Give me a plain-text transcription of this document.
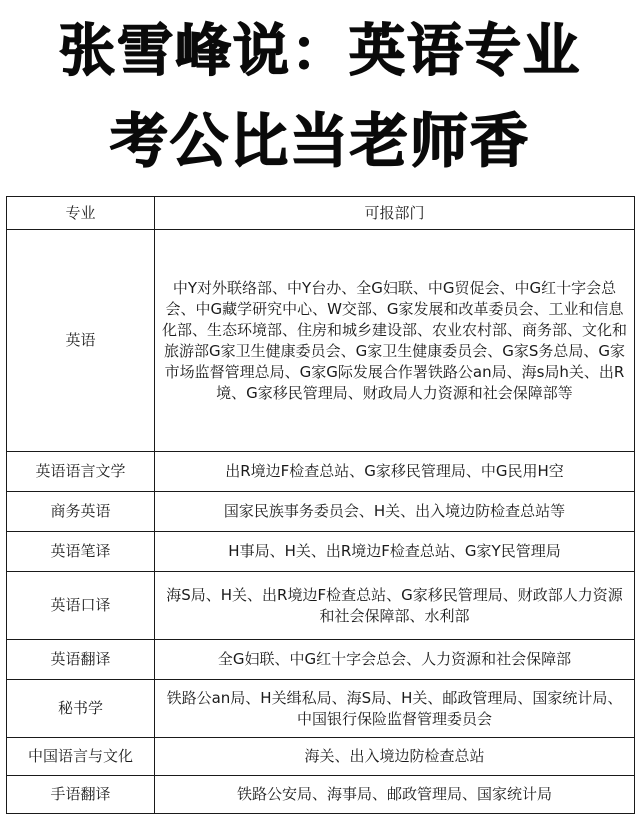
张雪峰说：英语专业
考公比当老师香
专业	可报部门
英语	中Y对外联络部、中Y台办、全G妇联、中G贸促会、中G红十字会总会、中G藏学研究中心、W交部、G家发展和改革委员会、工业和信息化部、生态环境部、住房和城乡建设部、农业农村部、商务部、文化和旅游部G家卫生健康委员会、G家卫生健康委员会、G家S务总局、G家市场监督管理总局、G家G际发展合作署铁路公an局、海s局h关、出R境、G家移民管理局、财政局人力资源和社会保障部等
英语语言文学	出R境边F检查总站、G家移民管理局、中G民用H空
商务英语	国家民族事务委员会、H关、出入境边防检查总站等
英语笔译	H事局、H关、出R境边F检查总站、G家Y民管理局
英语口译	海S局、H关、出R境边F检查总站、G家移民管理局、财政部人力资源和社会保障部、水利部
英语翻译	全G妇联、中G红十字会总会、人力资源和社会保障部
秘书学	铁路公an局、H关缉私局、海S局、H关、邮政管理局、国家统计局、中国银行保险监督管理委员会
中国语言与文化	海关、出入境边防检查总站
手语翻译	铁路公安局、海事局、邮政管理局、国家统计局
